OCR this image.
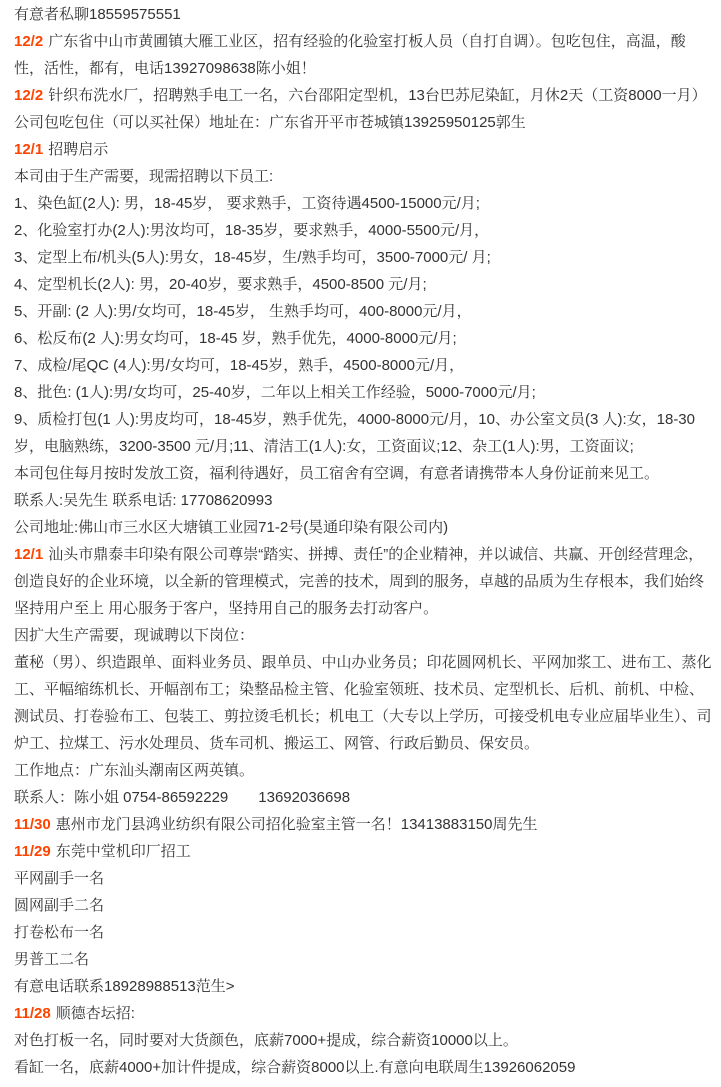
有意者私聊18559575551

12/2 广东省中山市黄圃镇大雁工业区，招有经验的化验室打板人员（自打自调）。包吃包住，高温，酸性，活性，都有，电话13927098638陈小姐！

12/2 针织布洗水厂，招聘熟手电工一名，六台邵阳定型机，13台巴苏尼染缸，月休2天（工资8000一月）公司包吃包住（可以买社保）地址在：广东省开平市苍城镇13925950125郭生

12/1 招聘启示

本司由于生产需要，现需招聘以下员工:

1、染色缸(2人): 男，18-45岁， 要求熟手，工资待遇4500-15000元/月;

2、化验室打办(2人):男汝均可，18-35岁，要求熟手，4000-5500元/月，

3、定型上布/机头(5人):男女，18-45岁，生/熟手均可，3500-7000元/ 月;

4、定型机长(2人): 男，20-40岁，要求熟手，4500-8500 元/月;

5、开副: (2 人):男/女均可，18-45岁， 生熟手均可，400-8000元/月，

6、松反布(2 人):男女均可，18-45 岁，熟手优先，4000-8000元/月;

7、成检/尾QC (4人):男/女均可，18-45岁，熟手，4500-8000元/月，

8、批色: (1人):男/女均可，25-40岁，二年以上相关工作经验，5000-7000元/月;

9、质检打包(1 人):男皮均可，18-45岁，熟手优先，4000-8000元/月，10、办公室文员(3 人):女，18-30岁，电脑熟练，3200-3500 元/月;11、清洁工(1人):女，工资面议;12、杂工(1人):男，工资面议;

本司包住每月按时发放工资，福利待遇好，员工宿舍有空调，有意者请携带本人身份证前来见工。

联系人:吴先生 联系电话: 17708620993

公司地址:佛山市三水区大塘镇工业园71-2号(昊通印染有限公司内)

12/1 汕头市鼎泰丰印染有限公司尊崇“踏实、拼搏、责任”的企业精神，并以诚信、共赢、开创经营理念，创造良好的企业环境，以全新的管理模式，完善的技术，周到的服务，卓越的品质为生存根本，我们始终坚持用户至上 用心服务于客户，坚持用自己的服务去打动客户。

因扩大生产需要，现诚聘以下岗位：

董秘（男）、织造跟单、面料业务员、跟单员、中山办业务员；印花圆网机长、平网加浆工、进布工、蒸化工、平幅缩练机长、开幅剖布工；染整品检主管、化验室领班、技术员、定型机长、后机、前机、中检、测试员、打卷验布工、包装工、剪拉烫毛机长；机电工（大专以上学历，可接受机电专业应届毕业生）、司炉工、拉煤工、污水处理员、货车司机、搬运工、网管、行政后勤员、保安员。

工作地点：广东汕头潮南区两英镇。

联系人：陈小姐 0754-86592229　　13692036698

11/30 惠州市龙门县鸿业纺织有限公司招化验室主管一名！13413883150周先生

11/29 东莞中堂机印厂招工

平网副手一名

圆网副手二名

打卷松布一名

男普工二名

有意电话联系18928988513范生>

11/28 顺德杏坛招:

对色打板一名，同时要对大货颜色，底薪7000+提成，综合薪资10000以上。

看缸一名，底薪4000+加计件提成，综合薪资8000以上.有意向电联周生13926062059
